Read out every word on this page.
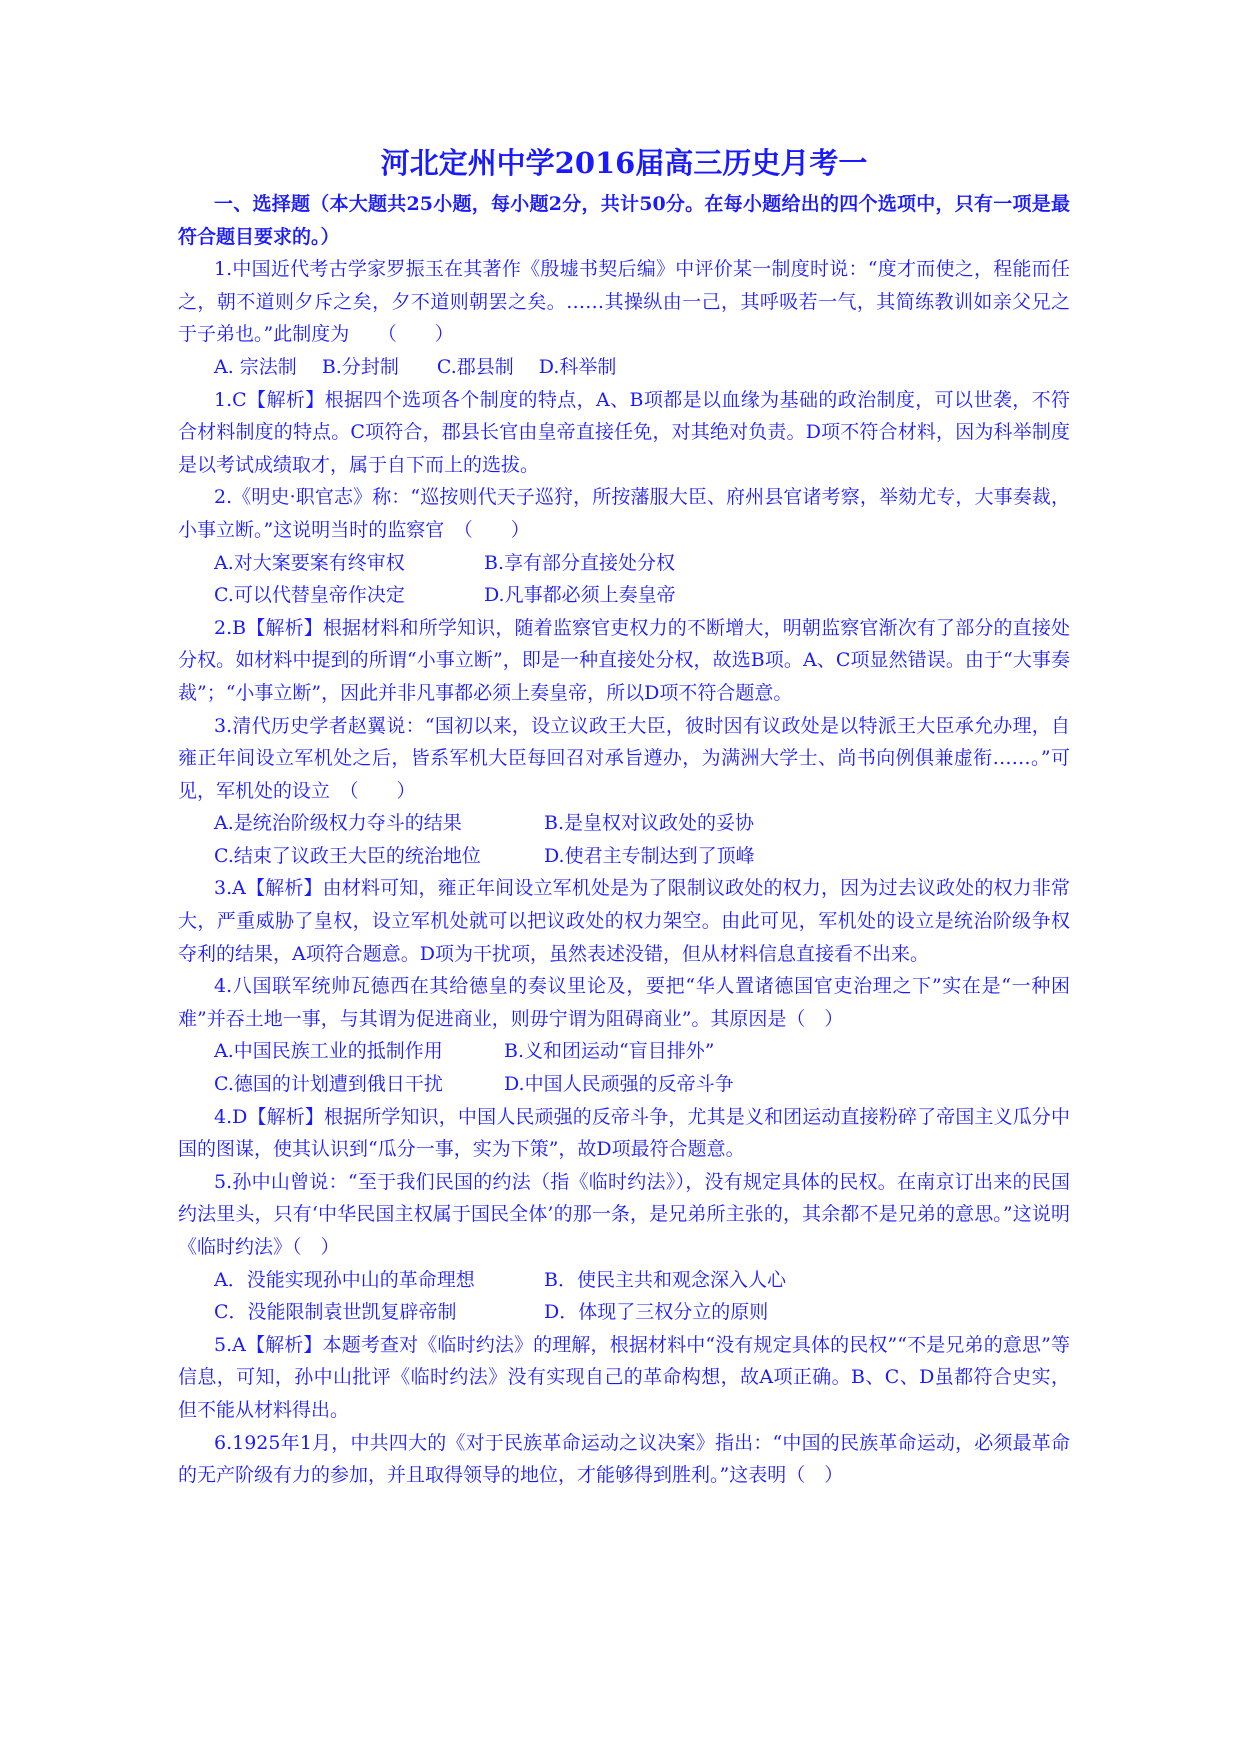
河北定州中学2016届高三历史月考一

一、选择题（本大题共25小题，每小题2分，共计50分。在每小题给出的四个选项中，只有一项是最符合题目要求的。）

1.中国近代考古学家罗振玉在其著作《殷墟书契后编》中评价某一制度时说：“度才而使之，程能而任之，朝不道则夕斥之矣，夕不道则朝罢之矣。……其操纵由一己，其呼吸若一气，其简练教训如亲父兄之于子弟也。”此制度为　　（　　）

A. 宗法制　 B.分封制　　C.郡县制　 D.科举制

1.C【解析】根据四个选项各个制度的特点，A、B项都是以血缘为基础的政治制度，可以世袭，不符合材料制度的特点。C项符合，郡县长官由皇帝直接任免，对其绝对负责。D项不符合材料，因为科举制度是以考试成绩取才，属于自下而上的选拔。

2.《明史·职官志》称：“巡按则代天子巡狩，所按藩服大臣、府州县官诸考察，举劾尤专，大事奏裁，小事立断。”这说明当时的监察官　（　　）

A.对大案要案有终审权	B.享有部分直接处分权

C.可以代替皇帝作决定	D.凡事都必须上奏皇帝

2.B【解析】根据材料和所学知识，随着监察官吏权力的不断增大，明朝监察官渐次有了部分的直接处分权。如材料中提到的所谓“小事立断”，即是一种直接处分权，故选B项。A、C项显然错误。由于“大事奏裁”；“小事立断”，因此并非凡事都必须上奏皇帝，所以D项不符合题意。

3.清代历史学者赵翼说：“国初以来，设立议政王大臣，彼时因有议政处是以特派王大臣承允办理，自雍正年间设立军机处之后，皆系军机大臣每回召对承旨遵办，为满洲大学士、尚书向例俱兼虚衔……。”可见，军机处的设立　（　　）

A.是统治阶级权力夺斗的结果	B.是皇权对议政处的妥协

C.结束了议政王大臣的统治地位	D.使君主专制达到了顶峰

3.A【解析】由材料可知，雍正年间设立军机处是为了限制议政处的权力，因为过去议政处的权力非常大，严重威胁了皇权，设立军机处就可以把议政处的权力架空。由此可见，军机处的设立是统治阶级争权夺利的结果，A项符合题意。D项为干扰项，虽然表述没错，但从材料信息直接看不出来。

4.八国联军统帅瓦德西在其给德皇的奏议里论及，要把“华人置诸德国官吏治理之下”实在是“一种困难”并吞土地一事，与其谓为促进商业，则毋宁谓为阻碍商业”。其原因是（　）

A.中国民族工业的抵制作用	B.义和团运动“盲目排外”

C.德国的计划遭到俄日干扰	D.中国人民顽强的反帝斗争

4.D【解析】根据所学知识，中国人民顽强的反帝斗争，尤其是义和团运动直接粉碎了帝国主义瓜分中国的图谋，使其认识到“瓜分一事，实为下策”，故D项最符合题意。

5.孙中山曾说：“至于我们民国的约法（指《临时约法》），没有规定具体的民权。在南京订出来的民国约法里头，只有‘中华民国主权属于国民全体’的那一条，是兄弟所主张的，其余都不是兄弟的意思。”这说明《临时约法》（　）

A．没能实现孙中山的革命理想	B．使民主共和观念深入人心

C．没能限制袁世凯复辟帝制	D．体现了三权分立的原则

5.A【解析】本题考查对《临时约法》的理解，根据材料中“没有规定具体的民权”“不是兄弟的意思”等信息，可知，孙中山批评《临时约法》没有实现自己的革命构想，故A项正确。B、C、D虽都符合史实，但不能从材料得出。

6.1925年1月，中共四大的《对于民族革命运动之议决案》指出：“中国的民族革命运动，必须最革命的无产阶级有力的参加，并且取得领导的地位，才能够得到胜利。”这表明（　）
